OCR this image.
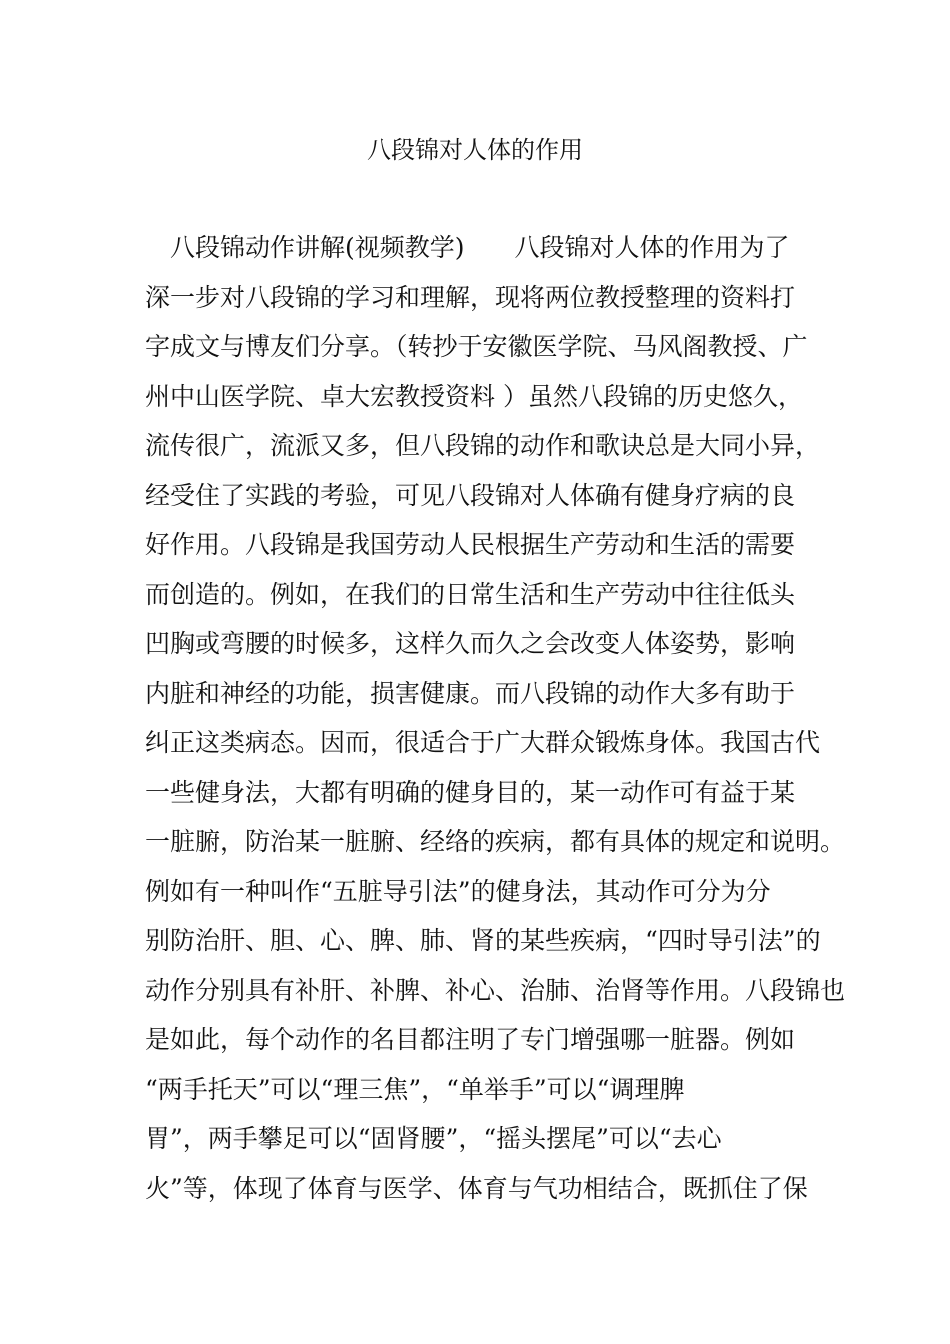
八段锦对人体的作用
　八段锦动作讲解(视频教学)　　八段锦对人体的作用为了
深一步对八段锦的学习和理解，现将两位教授整理的资料打
字成文与博友们分享。（转抄于安徽医学院、马风阁教授、广
州中山医学院、卓大宏教授资料 ）虽然八段锦的历史悠久，
流传很广，流派又多，但八段锦的动作和歌诀总是大同小异，
经受住了实践的考验，可见八段锦对人体确有健身疗病的良
好作用。八段锦是我国劳动人民根据生产劳动和生活的需要
而创造的。例如，在我们的日常生活和生产劳动中往往低头
凹胸或弯腰的时候多，这样久而久之会改变人体姿势，影响
内脏和神经的功能，损害健康。而八段锦的动作大多有助于
纠正这类病态。因而，很适合于广大群众锻炼身体。我国古代
一些健身法，大都有明确的健身目的，某一动作可有益于某
一脏腑，防治某一脏腑、经络的疾病，都有具体的规定和说明。
例如有一种叫作“五脏导引法”的健身法，其动作可分为分
别防治肝、胆、心、脾、肺、肾的某些疾病，“四时导引法”的
动作分别具有补肝、补脾、补心、治肺、治肾等作用。八段锦也
是如此，每个动作的名目都注明了专门增强哪一脏器。例如
“两手托天”可以“理三焦”，“单举手”可以“调理脾
胃”，两手攀足可以“固肾腰”，“摇头摆尾”可以“去心
火”等，体现了体育与医学、体育与气功相结合，既抓住了保
